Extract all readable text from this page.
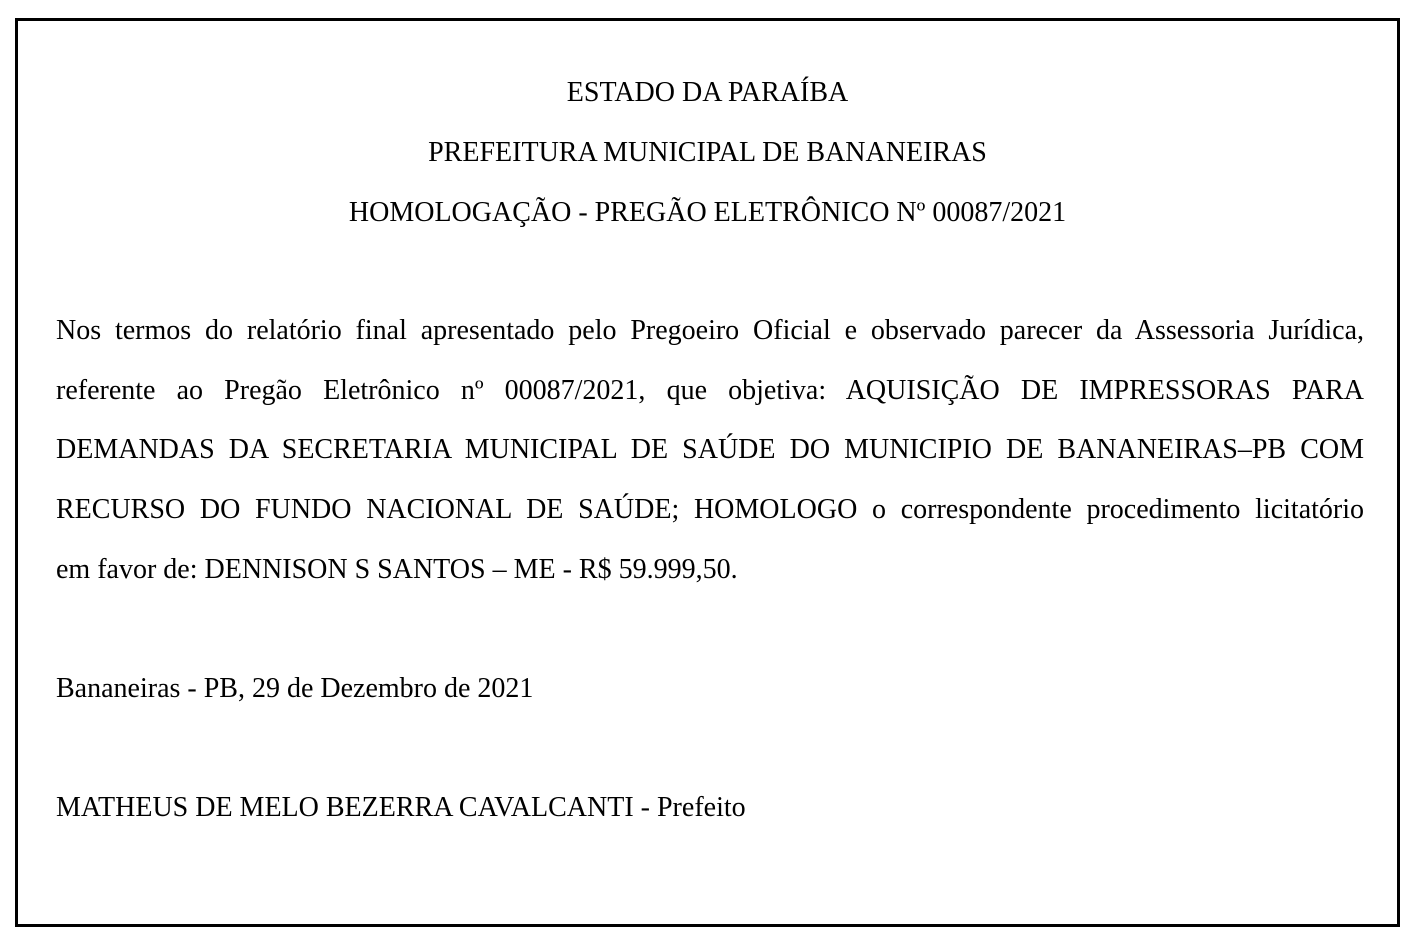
ESTADO DA PARAÍBA
PREFEITURA MUNICIPAL DE BANANEIRAS
HOMOLOGAÇÃO - PREGÃO ELETRÔNICO Nº 00087/2021
Nos termos do relatório final apresentado pelo Pregoeiro Oficial e observado parecer da Assessoria Jurídica,
referente ao Pregão Eletrônico nº 00087/2021, que objetiva: AQUISIÇÃO DE IMPRESSORAS PARA
DEMANDAS DA SECRETARIA MUNICIPAL DE SAÚDE DO MUNICIPIO DE BANANEIRAS–PB COM
RECURSO DO FUNDO NACIONAL DE SAÚDE; HOMOLOGO o correspondente procedimento licitatório
em favor de: DENNISON S SANTOS – ME - R$ 59.999,50.
Bananeiras - PB, 29 de Dezembro de 2021
MATHEUS DE MELO BEZERRA CAVALCANTI - Prefeito
